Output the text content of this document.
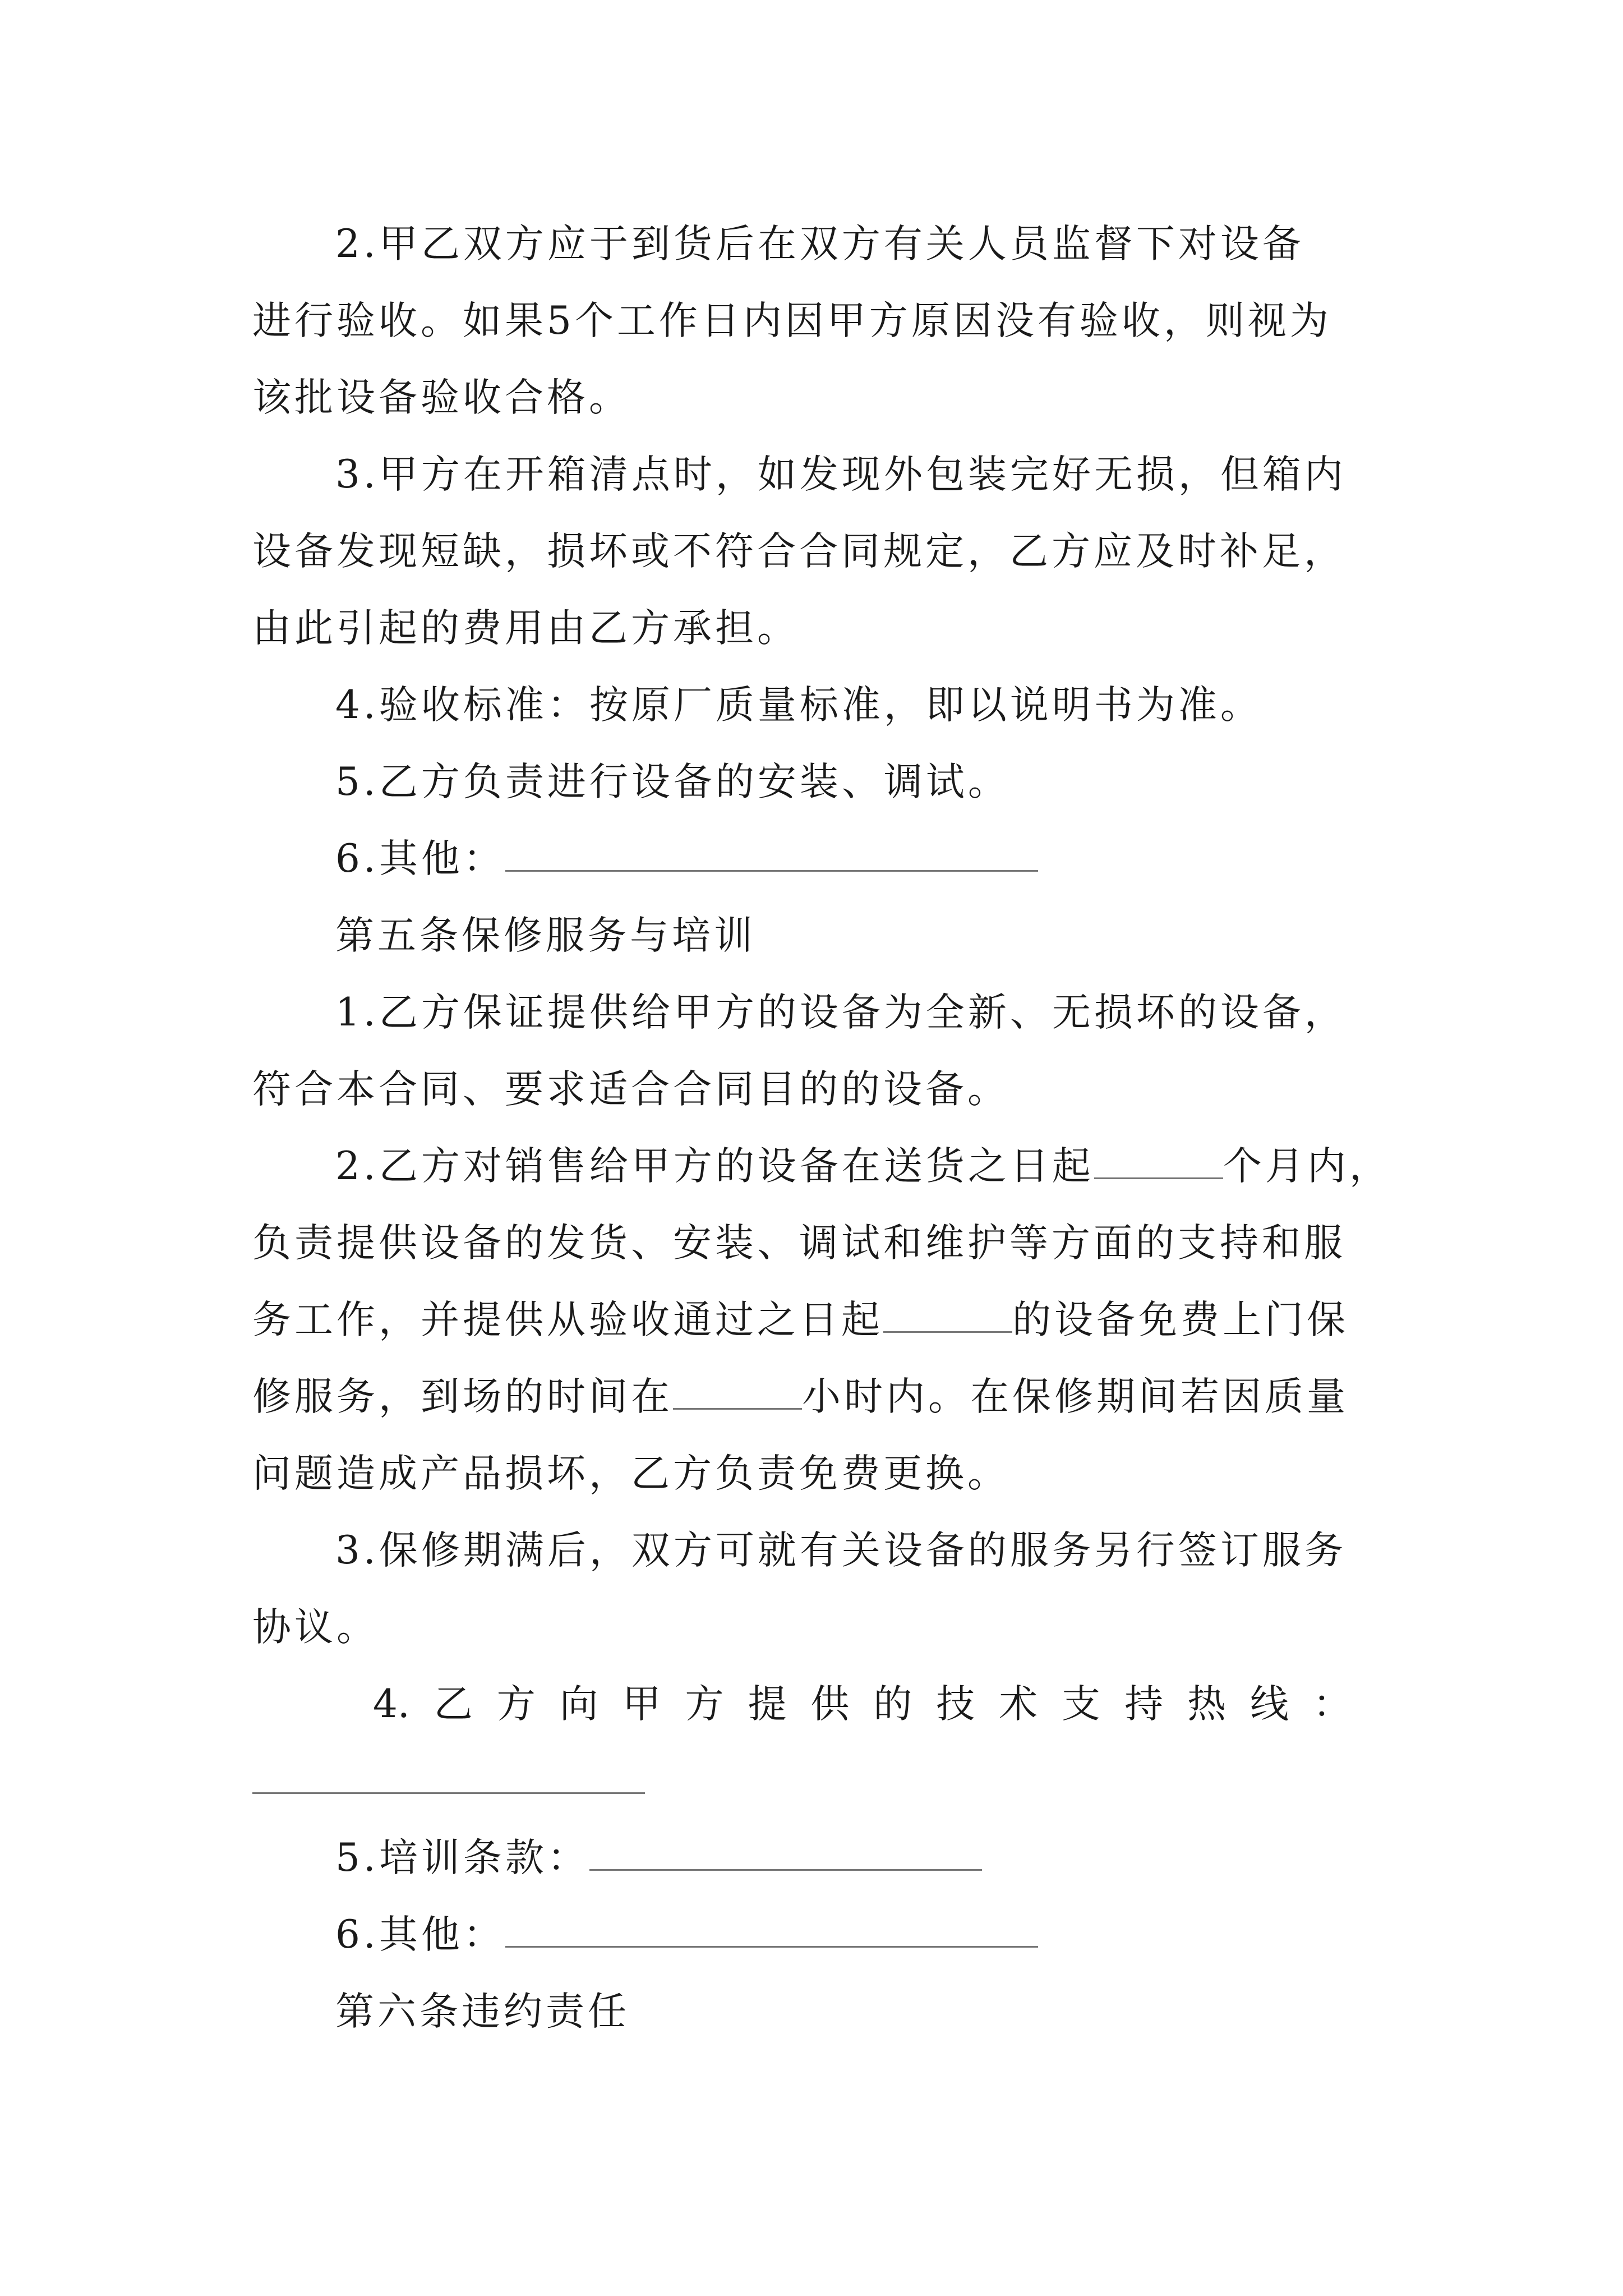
2.甲乙双方应于到货后在双方有关人员监督下对设备
进行验收。如果5个工作日内因甲方原因没有验收，则视为
该批设备验收合格。
3.甲方在开箱清点时，如发现外包装完好无损，但箱内
设备发现短缺，损坏或不符合合同规定，乙方应及时补足，
由此引起的费用由乙方承担。
4.验收标准：按原厂质量标准，即以说明书为准。
5.乙方负责进行设备的安装、调试。
6.其他：
第五条保修服务与培训
1.乙方保证提供给甲方的设备为全新、无损坏的设备，
符合本合同、要求适合合同目的的设备。
2.乙方对销售给甲方的设备在送货之日起	个月内，
负责提供设备的发货、安装、调试和维护等方面的支持和服
务工作，并提供从验收通过之日起	的设备免费上门保
修服务，到场的时间在	小时内。在保修期间若因质量
问题造成产品损坏，乙方负责免费更换。
3.保修期满后，双方可就有关设备的服务另行签订服务
协议。
4. 乙 方 向 甲 方 提 供 的 技 术 支 持 热 线 ：
5.培训条款：
6.其他：
第六条违约责任
